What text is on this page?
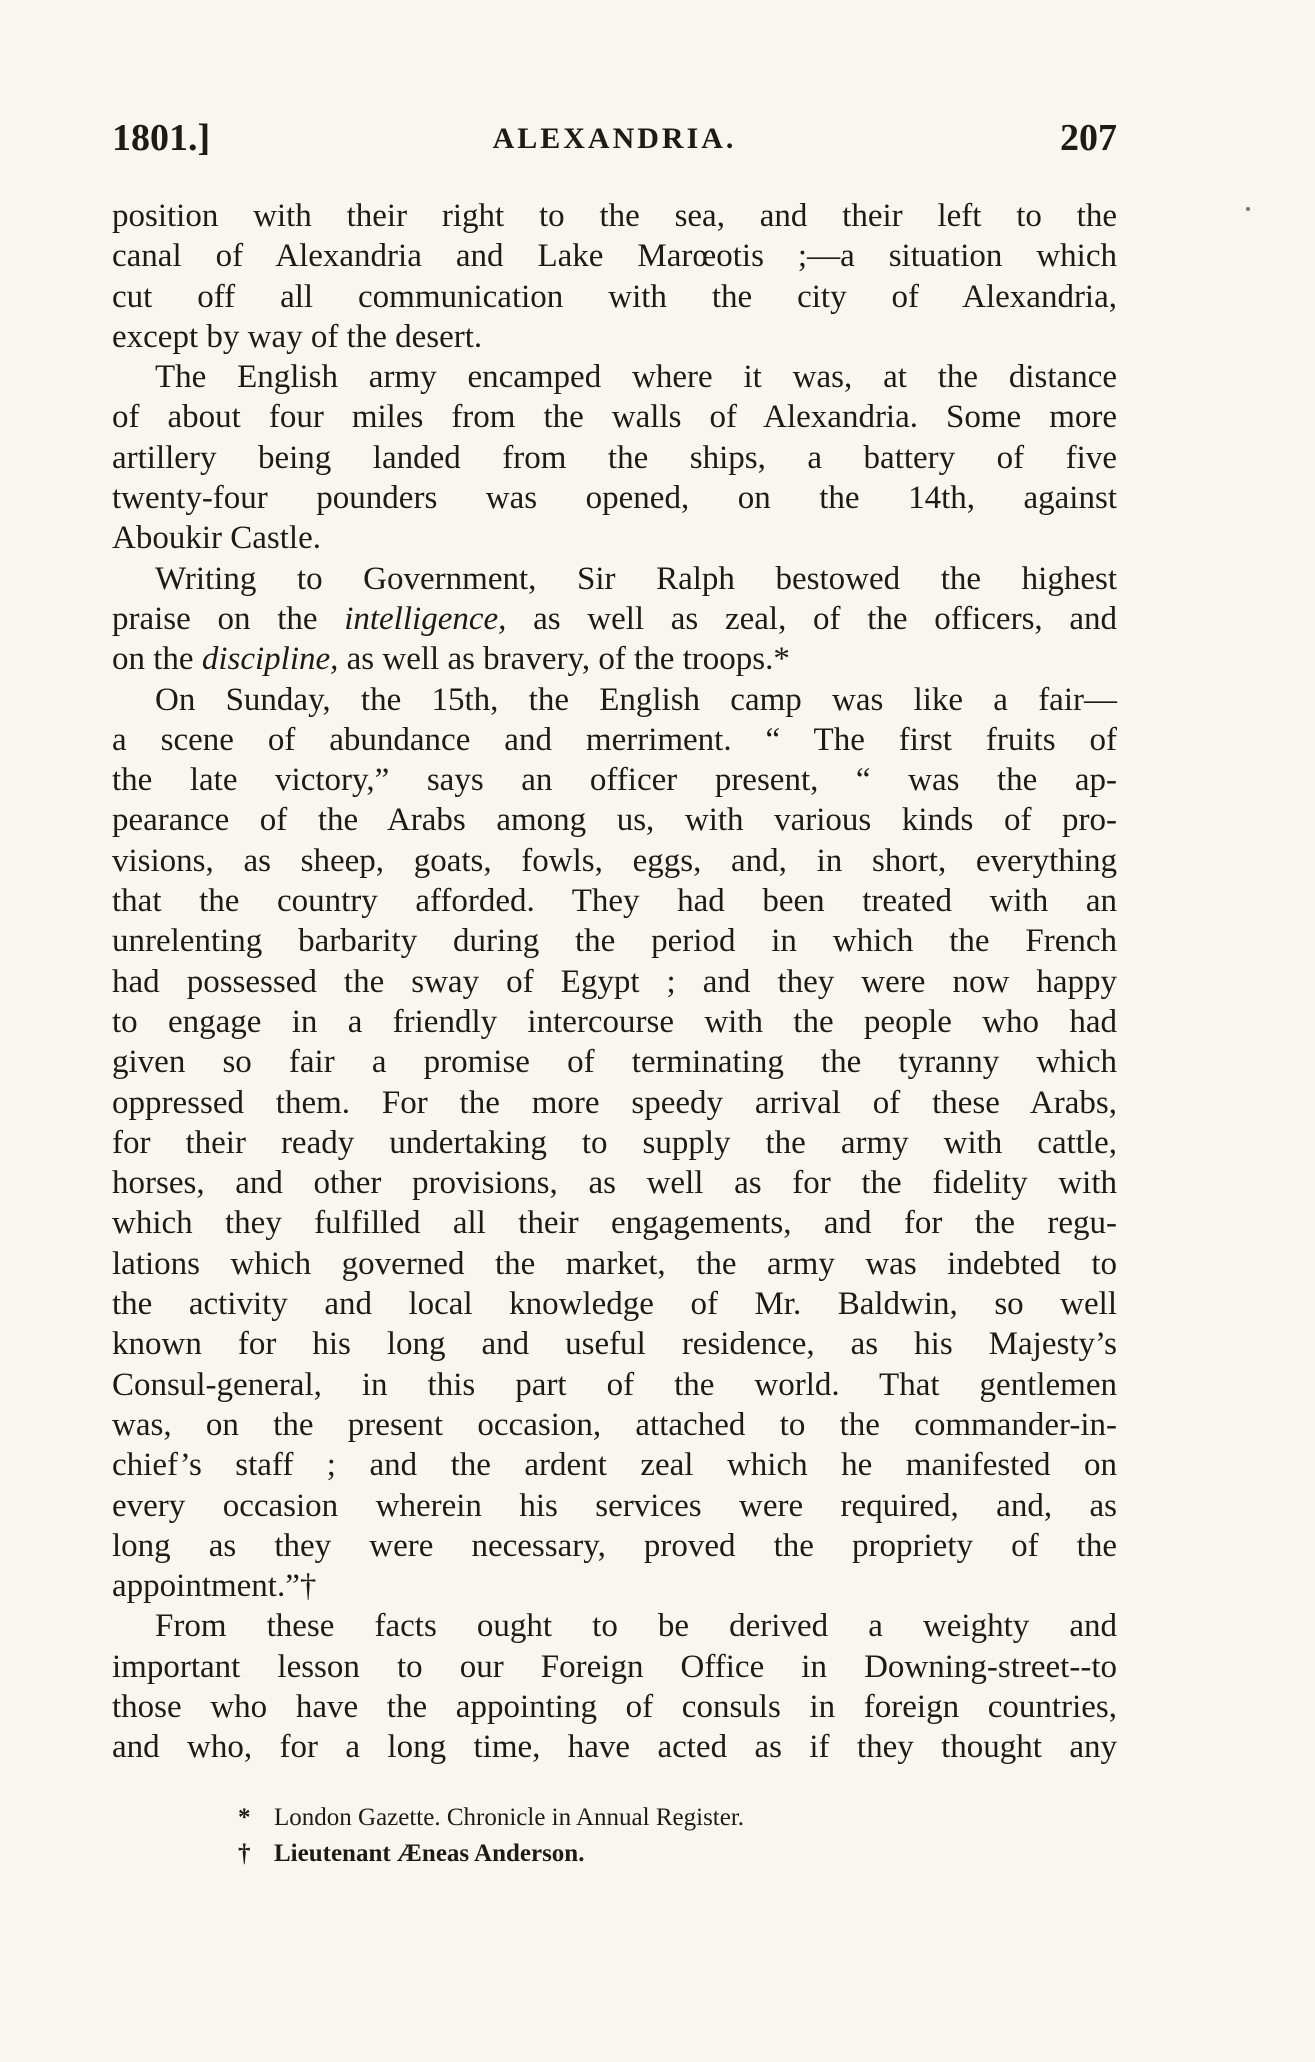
1801.]	ALEXANDRIA.	207
position with their right to the sea, and their left to the
canal of Alexandria and Lake Marœotis ;—a situation which
cut off all communication with the city of Alexandria,
except by way of the desert.
The English army encamped where it was, at the distance
of about four miles from the walls of Alexandria. Some more
artillery being landed from the ships, a battery of five
twenty-four pounders was opened, on the 14th, against
Aboukir Castle.
Writing to Government, Sir Ralph bestowed the highest
praise on the intelligence, as well as zeal, of the officers, and
on the discipline, as well as bravery, of the troops.*
On Sunday, the 15th, the English camp was like a fair—
a scene of abundance and merriment. “ The first fruits of
the late victory,” says an officer present, “ was the ap-
pearance of the Arabs among us, with various kinds of pro-
visions, as sheep, goats, fowls, eggs, and, in short, everything
that the country afforded. They had been treated with an
unrelenting barbarity during the period in which the French
had possessed the sway of Egypt ; and they were now happy
to engage in a friendly intercourse with the people who had
given so fair a promise of terminating the tyranny which
oppressed them. For the more speedy arrival of these Arabs,
for their ready undertaking to supply the army with cattle,
horses, and other provisions, as well as for the fidelity with
which they fulfilled all their engagements, and for the regu-
lations which governed the market, the army was indebted to
the activity and local knowledge of Mr. Baldwin, so well
known for his long and useful residence, as his Majesty’s
Consul-general, in this part of the world. That gentlemen
was, on the present occasion, attached to the commander-in-
chief’s staff ; and the ardent zeal which he manifested on
every occasion wherein his services were required, and, as
long as they were necessary, proved the propriety of the
appointment.”†
From these facts ought to be derived a weighty and
important lesson to our Foreign Office in Downing-street--to
those who have the appointing of consuls in foreign countries,
and who, for a long time, have acted as if they thought any
* London Gazette. Chronicle in Annual Register.
† Lieutenant Æneas Anderson.
